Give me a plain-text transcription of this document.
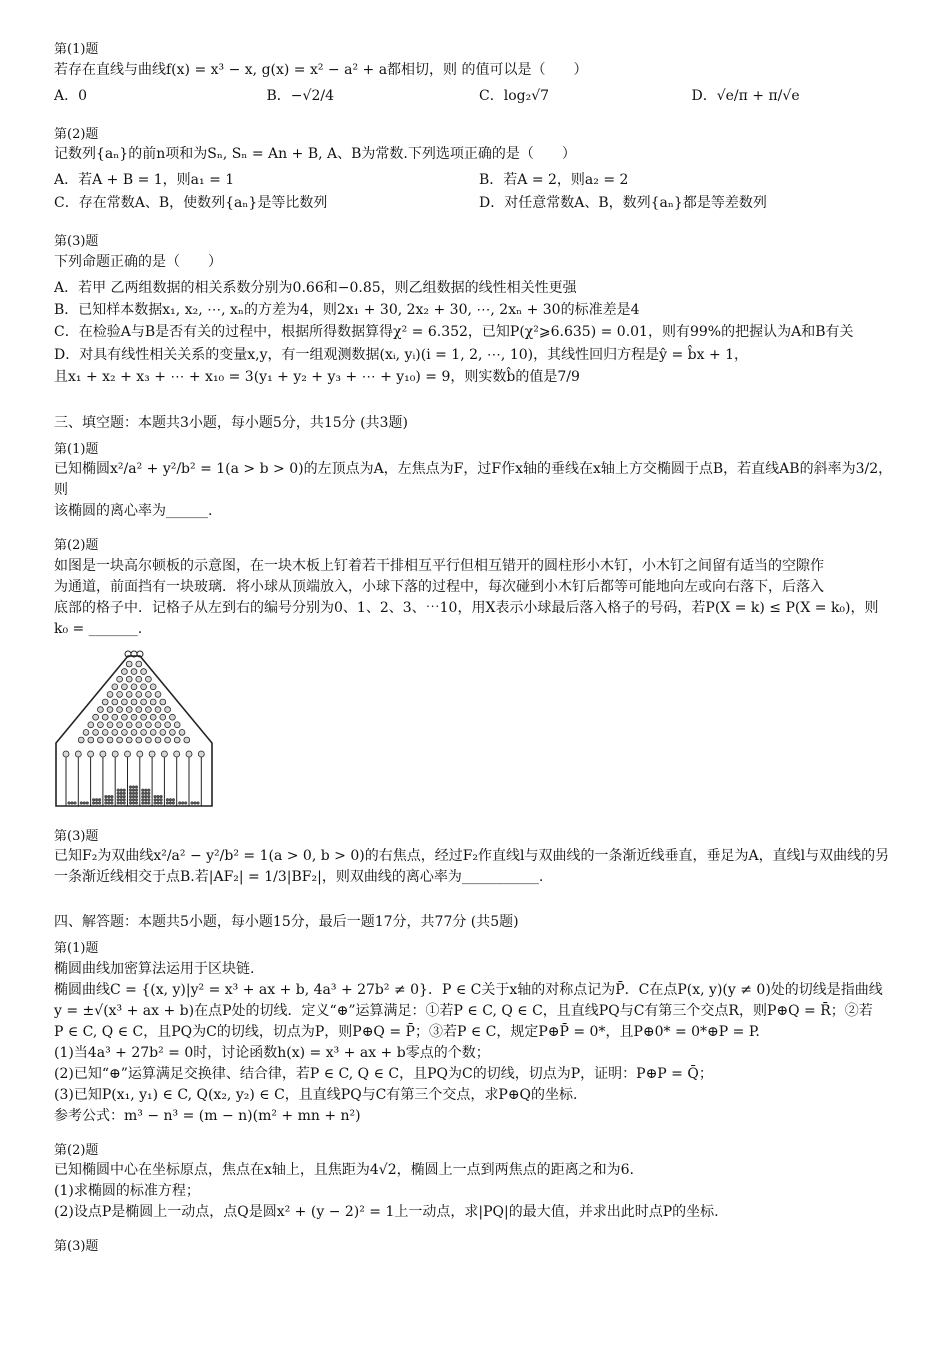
第(1)题
若存在直线与曲线f(x) = x³ − x, g(x) = x² − a² + a都相切，则 的值可以是（　　）
A．0	B．−√2/4	C．log₂√7	D．√e/π + π/√e
第(2)题
记数列{aₙ}的前n项和为Sₙ, Sₙ = An + B, A、B为常数.下列选项正确的是（　　）
A．若A + B = 1，则a₁ = 1	B．若A = 2，则a₂ = 2
C．存在常数A、B，使数列{aₙ}是等比数列	D．对任意常数A、B，数列{aₙ}都是等差数列
第(3)题
下列命题正确的是（　　）
A．若甲 乙两组数据的相关系数分别为0.66和−0.85，则乙组数据的线性相关性更强
B．已知样本数据x₁, x₂, ⋯, xₙ的方差为4，则2x₁ + 30, 2x₂ + 30, ⋯, 2xₙ + 30的标准差是4
C．在检验A与B是否有关的过程中，根据所得数据算得χ² = 6.352，已知P(χ²⩾6.635) = 0.01，则有99%的把握认为A和B有关
D．对具有线性相关关系的变量x,y，有一组观测数据(xᵢ, yᵢ)(i = 1, 2, ⋯, 10)，其线性回归方程是ŷ = b̂x + 1，
且x₁ + x₂ + x₃ + ⋯ + x₁₀ = 3(y₁ + y₂ + y₃ + ⋯ + y₁₀) = 9，则实数b̂的值是7/9
三、填空题：本题共3小题，每小题5分，共15分 (共3题)
第(1)题
已知椭圆x²/a² + y²/b² = 1(a > b > 0)的左顶点为A，左焦点为F，过F作x轴的垂线在x轴上方交椭圆于点B，若直线AB的斜率为3/2，则
该椭圆的离心率为______.
第(2)题
如图是一块高尔顿板的示意图，在一块木板上钉着若干排相互平行但相互错开的圆柱形小木钉，小木钉之间留有适当的空隙作
为通道，前面挡有一块玻璃．将小球从顶端放入，小球下落的过程中，每次碰到小木钉后都等可能地向左或向右落下，后落入
底部的格子中．记格子从左到右的编号分别为0、1、2、3、⋯10，用X表示小球最后落入格子的号码，若P(X = k) ≤ P(X = k₀)，则
k₀ = _______.
第(3)题
已知F₂为双曲线x²/a² − y²/b² = 1(a > 0, b > 0)的右焦点，经过F₂作直线l与双曲线的一条渐近线垂直，垂足为A，直线l与双曲线的另
一条渐近线相交于点B.若|AF₂| = 1/3|BF₂|，则双曲线的离心率为___________.
四、解答题：本题共5小题，每小题15分，最后一题17分，共77分 (共5题)
第(1)题
椭圆曲线加密算法运用于区块链.
椭圆曲线C = {(x, y)|y² = x³ + ax + b, 4a³ + 27b² ≠ 0}．P ∈ C关于x轴的对称点记为P̄．C在点P(x, y)(y ≠ 0)处的切线是指曲线
y = ±√(x³ + ax + b)在点P处的切线．定义“⊕”运算满足：①若P ∈ C, Q ∈ C，且直线PQ与C有第三个交点R，则P⊕Q = R̄；②若
P ∈ C, Q ∈ C，且PQ为C的切线，切点为P，则P⊕Q = P̄；③若P ∈ C，规定P⊕P̄ = 0*，且P⊕0* = 0*⊕P = P.
(1)当4a³ + 27b² = 0时，讨论函数h(x) = x³ + ax + b零点的个数；
(2)已知“⊕”运算满足交换律、结合律，若P ∈ C, Q ∈ C，且PQ为C的切线，切点为P，证明：P⊕P = Q̄；
(3)已知P(x₁, y₁) ∈ C, Q(x₂, y₂) ∈ C，且直线PQ与C有第三个交点，求P⊕Q的坐标.
参考公式：m³ − n³ = (m − n)(m² + mn + n²)
第(2)题
已知椭圆中心在坐标原点，焦点在x轴上，且焦距为4√2，椭圆上一点到两焦点的距离之和为6.
(1)求椭圆的标准方程；
(2)设点P是椭圆上一动点，点Q是圆x² + (y − 2)² = 1上一动点，求|PQ|的最大值，并求出此时点P的坐标.
第(3)题
